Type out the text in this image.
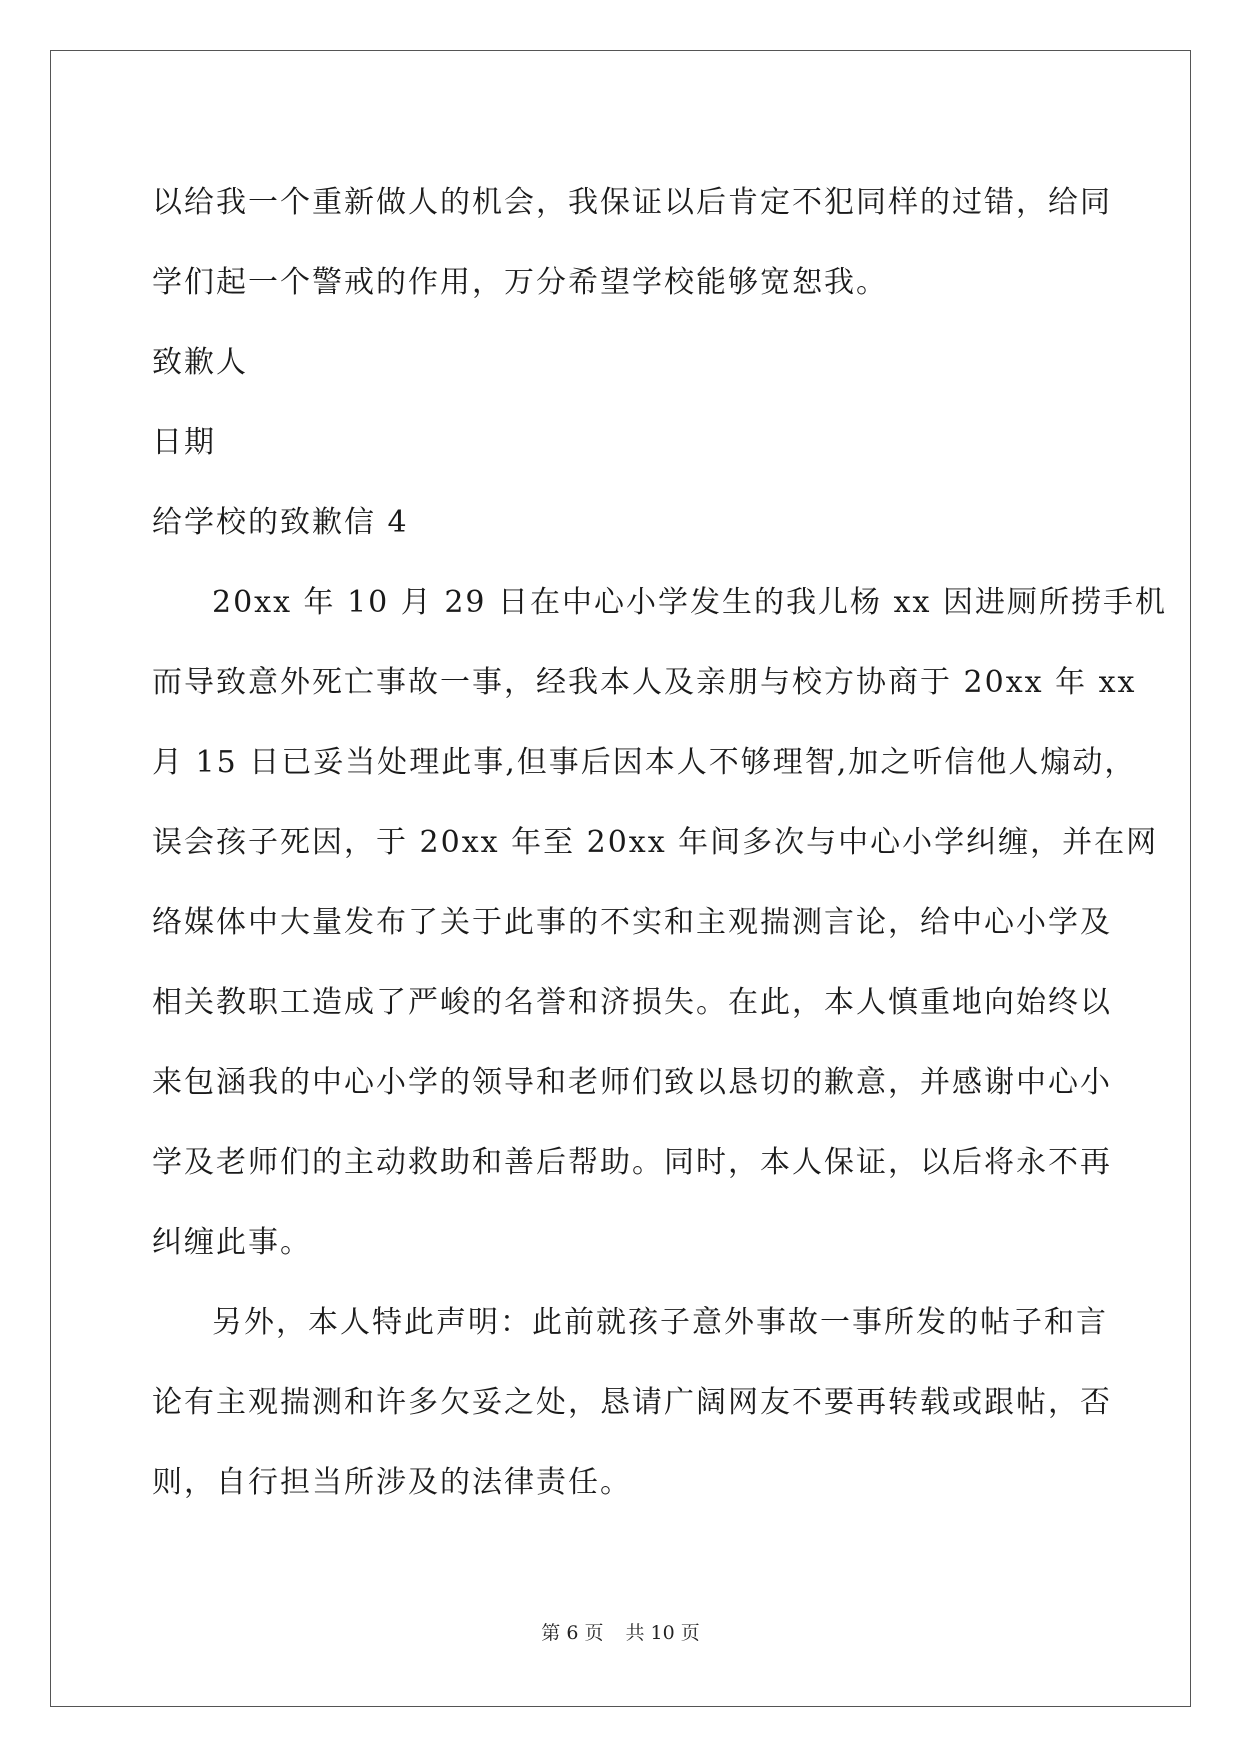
以给我一个重新做人的机会，我保证以后肯定不犯同样的过错，给同
学们起一个警戒的作用，万分希望学校能够宽恕我。
致歉人
日期
给学校的致歉信 4
20xx 年 10 月 29 日在中心小学发生的我儿杨 xx 因进厕所捞手机
而导致意外死亡事故一事，经我本人及亲朋与校方协商于 20xx 年 xx
月 15 日已妥当处理此事,但事后因本人不够理智,加之听信他人煽动，
误会孩子死因，于 20xx 年至 20xx 年间多次与中心小学纠缠，并在网
络媒体中大量发布了关于此事的不实和主观揣测言论，给中心小学及
相关教职工造成了严峻的名誉和济损失。在此，本人慎重地向始终以
来包涵我的中心小学的领导和老师们致以恳切的歉意，并感谢中心小
学及老师们的主动救助和善后帮助。同时，本人保证，以后将永不再
纠缠此事。
另外，本人特此声明：此前就孩子意外事故一事所发的帖子和言
论有主观揣测和许多欠妥之处，恳请广阔网友不要再转载或跟帖，否
则，自行担当所涉及的法律责任。
第 6 页 共 10 页
